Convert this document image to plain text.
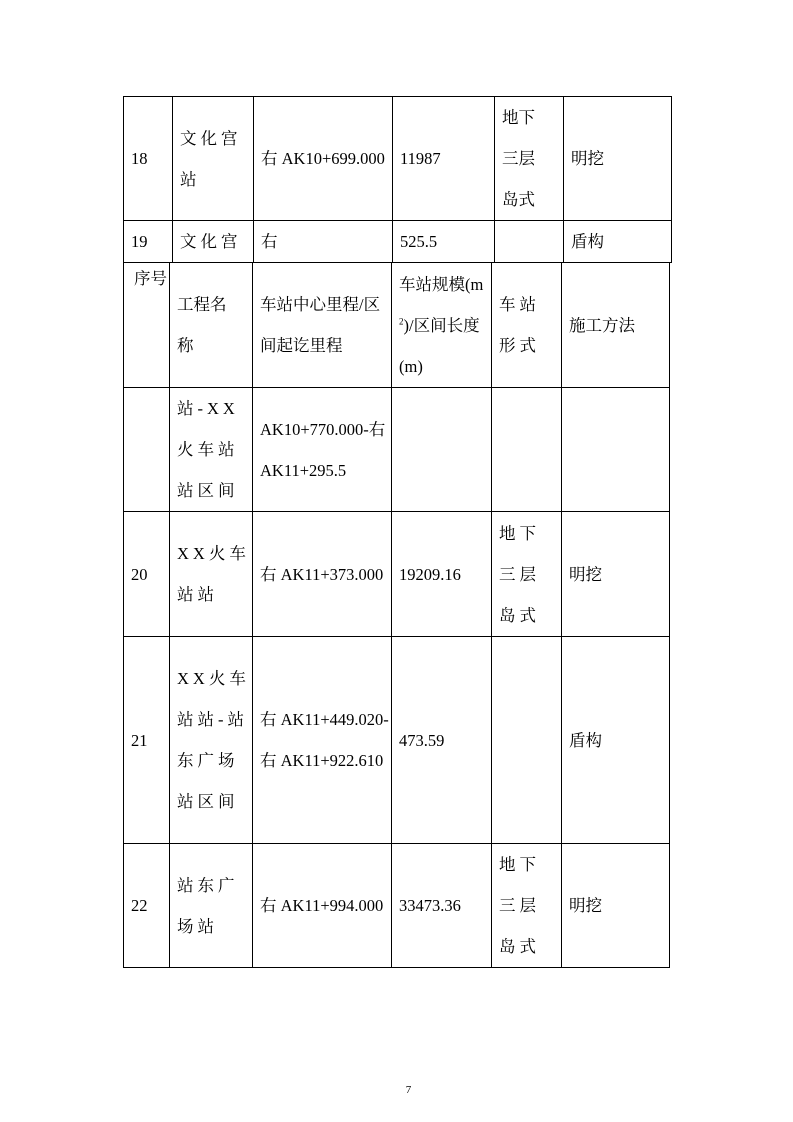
18	文化宫站	右 AK10+699.000	11987	地下三层岛式	明挖
19	文化宫	右	525.5		盾构
序号	工程名称	车站中心里程/区间起讫里程	车站规模$(m^2)/$区间长度(m)	车站形式	施工方法
	站-XX火车站站区间	AK10+770.000-右 AK11+295.5			
20	XX火车站站	右 AK11+373.000	19209.16	地下三层岛式	明挖
21	XX火车站站-站东广场站区间	右 AK11+449.020-右 AK11+922.610	473.59		盾构
22	站东广场站	右 AK11+994.000	33473.36	地下三层岛式	明挖
7
